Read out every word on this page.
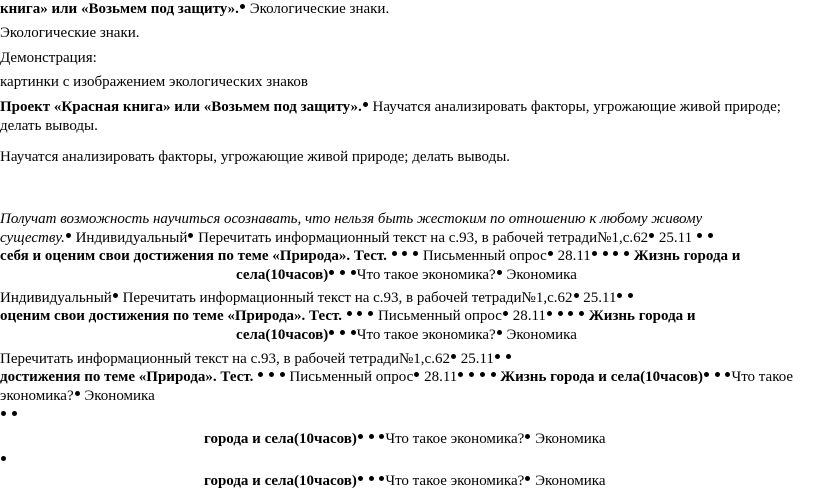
книга» или «Возьмем под защиту». Экологические знаки.
Экологические знаки.
Демонстрация:
картинки с изображением экологических знаков
Проект «Красная книга» или «Возьмем под защиту». Научатся анализировать факторы, угрожающие живой природе;
делать выводы.
Научатся анализировать факторы, угрожающие живой природе; делать выводы.
Получат возможность научиться осознавать, что нельзя быть жестоким по отношению к любому живому
существу. Индивидуальный Перечитать информационный текст на с.93, в рабочей тетради№1,с.62 25.11
себя и оценим свои достижения по теме «Природа». Тест.    Письменный опрос 28.11	Жизнь города и
села(10часов) Что такое экономика? Экономика
Индивидуальный Перечитать информационный текст на с.93, в рабочей тетради№1,с.62 25.11
оценим свои достижения по теме «Природа». Тест.    Письменный опрос 28.11	Жизнь города и
села(10часов) Что такое экономика? Экономика
Перечитать информационный текст на с.93, в рабочей тетради№1,с.62 25.11
достижения по теме «Природа». Тест.    Письменный опрос 28.11	Жизнь города и села(10часов) Что такое
экономика? Экономика

города и села(10часов) Что такое экономика? Экономика
города и села(10часов) Что такое экономика? Экономика
